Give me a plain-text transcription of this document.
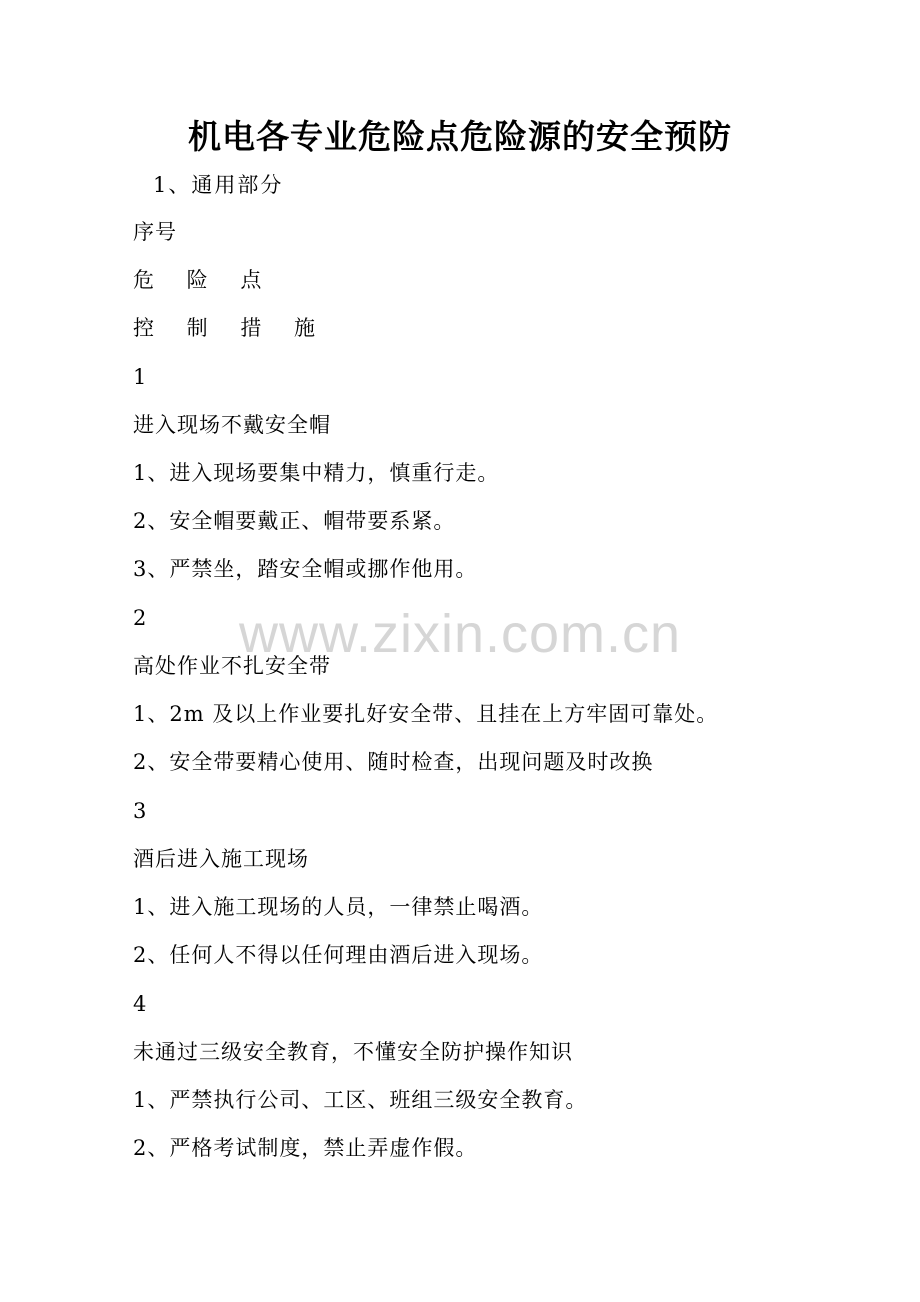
机电各专业危险点危险源的安全预防
1、通用部分
序号
危 险 点
控 制 措 施
1
进入现场不戴安全帽
1、进入现场要集中精力，慎重行走。
2、安全帽要戴正、帽带要系紧。
3、严禁坐，踏安全帽或挪作他用。
2
高处作业不扎安全带
1、2m 及以上作业要扎好安全带、且挂在上方牢固可靠处。
2、安全带要精心使用、随时检查，出现问题及时改换
3
酒后进入施工现场
1、进入施工现场的人员，一律禁止喝酒。
2、任何人不得以任何理由酒后进入现场。
4
未通过三级安全教育，不懂安全防护操作知识
1、严禁执行公司、工区、班组三级安全教育。
2、严格考试制度，禁止弄虚作假。
www.zixin.com.cn
